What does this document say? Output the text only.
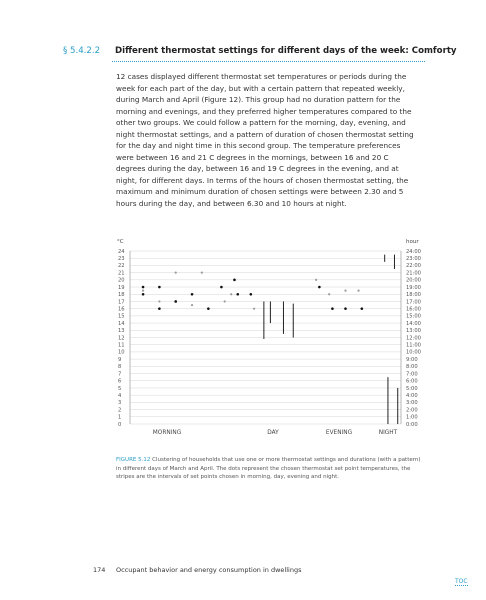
§ 5.4.2.2 Different thermostat settings for different days of the week: Comforty

12 cases displayed different thermostat set temperatures or periods during the week for each part of the day, but with a certain pattern that repeated weekly, during March and April (Figure 12). This group had no duration pattern for the morning and evenings, and they preferred higher temperatures compared to the other two groups. We could follow a pattern for the morning, day, evening, and night thermostat settings, and a pattern of duration of chosen thermostat setting for the day and night time in this second group. The temperature preferences were between 16 and 21 C degrees in the mornings, between 16 and 20 C degrees during the day, between 16 and 19 C degrees in the evening, and at night, for different days. In terms of the hours of chosen thermostat setting, the maximum and minimum duration of chosen settings were between 2.30 and 5 hours during the day, and between 6.30 and 10 hours at night.

°C	hour
24	24:00
23	23:00
22	22:00
21	21:00
20	20:00
19	19:00
18	18:00
17	17:00
16	16:00
15	15:00
14	14:00
13	13:00
12	12:00
11	11:00
10	10:00
9	9:00
8	8:00
7	7:00
6	6:00
5	5:00
4	4:00
3	3:00
2	2:00
1	1:00
0	0:00
MORNING	DAY	EVENING	NIGHT
FIGURE 5.12 Clustering of households that use one or more thermostat settings and durations (with a pattern) in different days of March and April. The dots represent the chosen thermostat set point temperatures, the stripes are the intervals of set points chosen in morning, day, evening and night.
174 Occupant behavior and energy consumption in dwellings
TOC
